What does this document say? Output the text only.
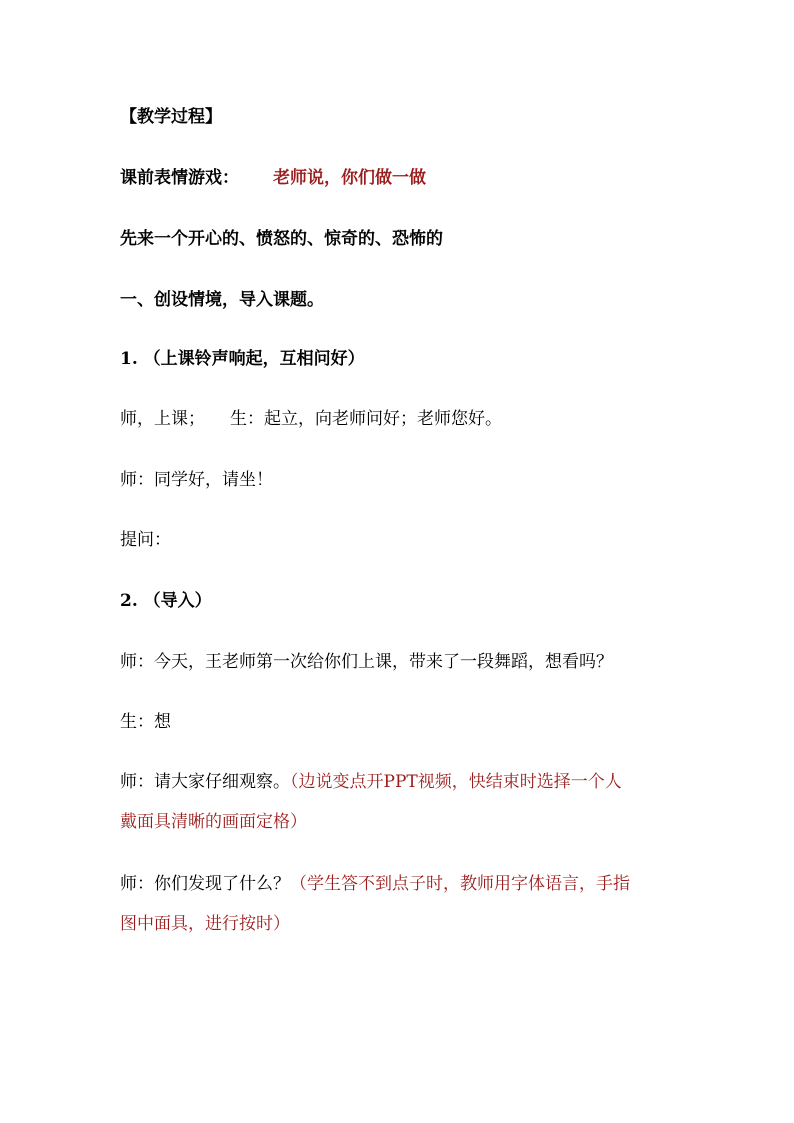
【教学过程】
课前表情游戏： 老师说，你们做一做
先来一个开心的、愤怒的、惊奇的、恐怖的
一、创设情境，导入课题。
1. （上课铃声响起，互相问好）
师，上课； 生：起立，向老师问好；老师您好。
师：同学好，请坐！
提问：
2. （导入）
师：今天，王老师第一次给你们上课，带来了一段舞蹈，想看吗？
生：想
师：请大家仔细观察。（边说变点开PPT视频，快结束时选择一个人
戴面具清晰的画面定格）
师：你们发现了什么？（学生答不到点子时，教师用字体语言，手指
图中面具，进行按时）
